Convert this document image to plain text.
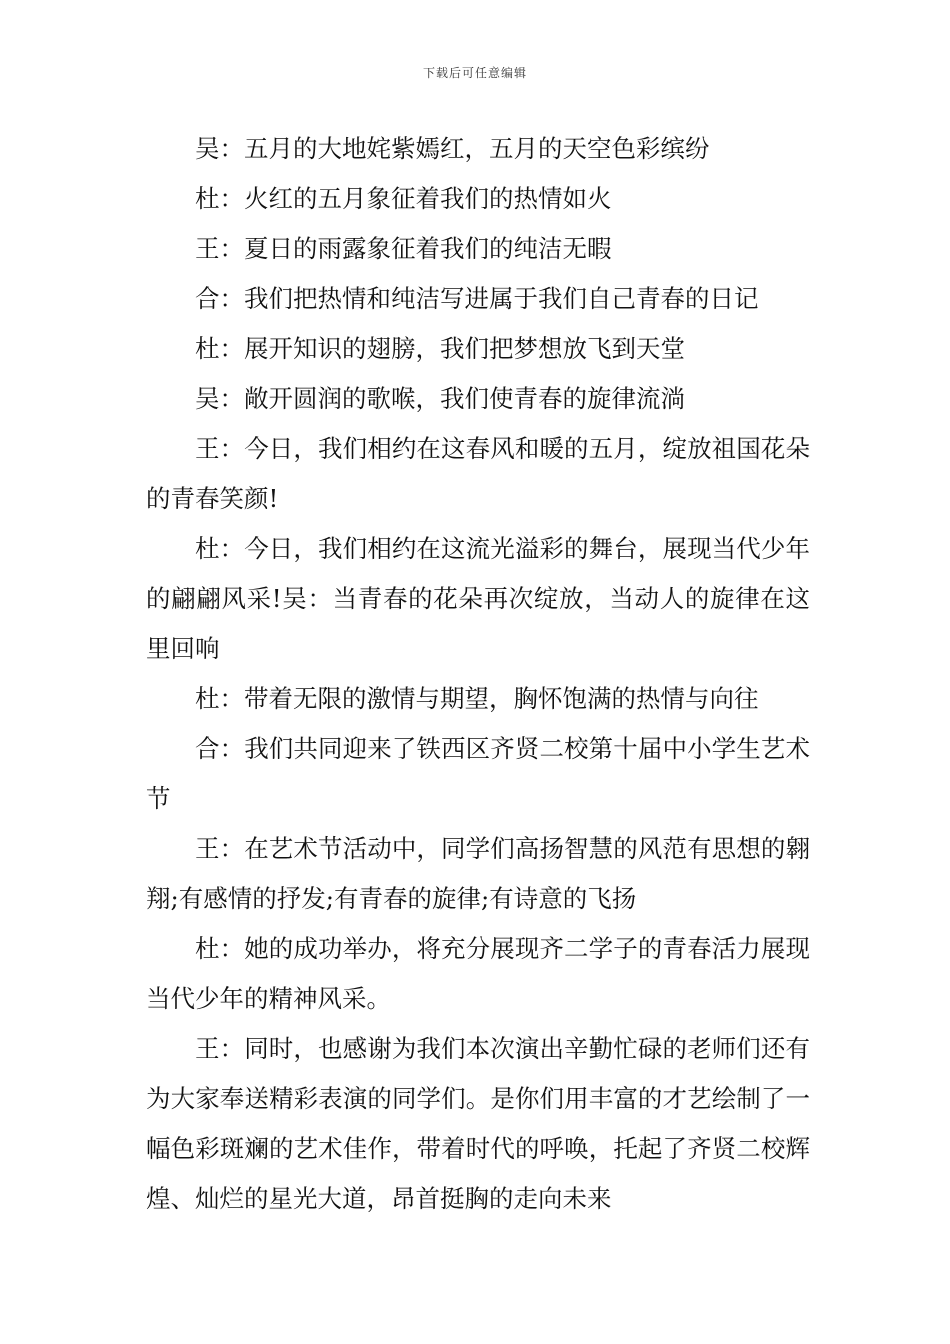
下载后可任意编辑

吴：五月的大地姹紫嫣红，五月的天空色彩缤纷

杜：火红的五月象征着我们的热情如火

王：夏日的雨露象征着我们的纯洁无暇

合：我们把热情和纯洁写进属于我们自己青春的日记

杜：展开知识的翅膀，我们把梦想放飞到天堂

吴：敞开圆润的歌喉，我们使青春的旋律流淌

王：今日，我们相约在这春风和暖的五月，绽放祖国花朵的青春笑颜!

杜：今日，我们相约在这流光溢彩的舞台，展现当代少年的翩翩风采!吴：当青春的花朵再次绽放，当动人的旋律在这里回响

杜：带着无限的激情与期望，胸怀饱满的热情与向往

合：我们共同迎来了铁西区齐贤二校第十届中小学生艺术节

王：在艺术节活动中，同学们高扬智慧的风范有思想的翱翔;有感情的抒发;有青春的旋律;有诗意的飞扬

杜：她的成功举办，将充分展现齐二学子的青春活力展现当代少年的精神风采。

王：同时，也感谢为我们本次演出辛勤忙碌的老师们还有为大家奉送精彩表演的同学们。是你们用丰富的才艺绘制了一幅色彩斑斓的艺术佳作，带着时代的呼唤，托起了齐贤二校辉煌、灿烂的星光大道，昂首挺胸的走向未来
